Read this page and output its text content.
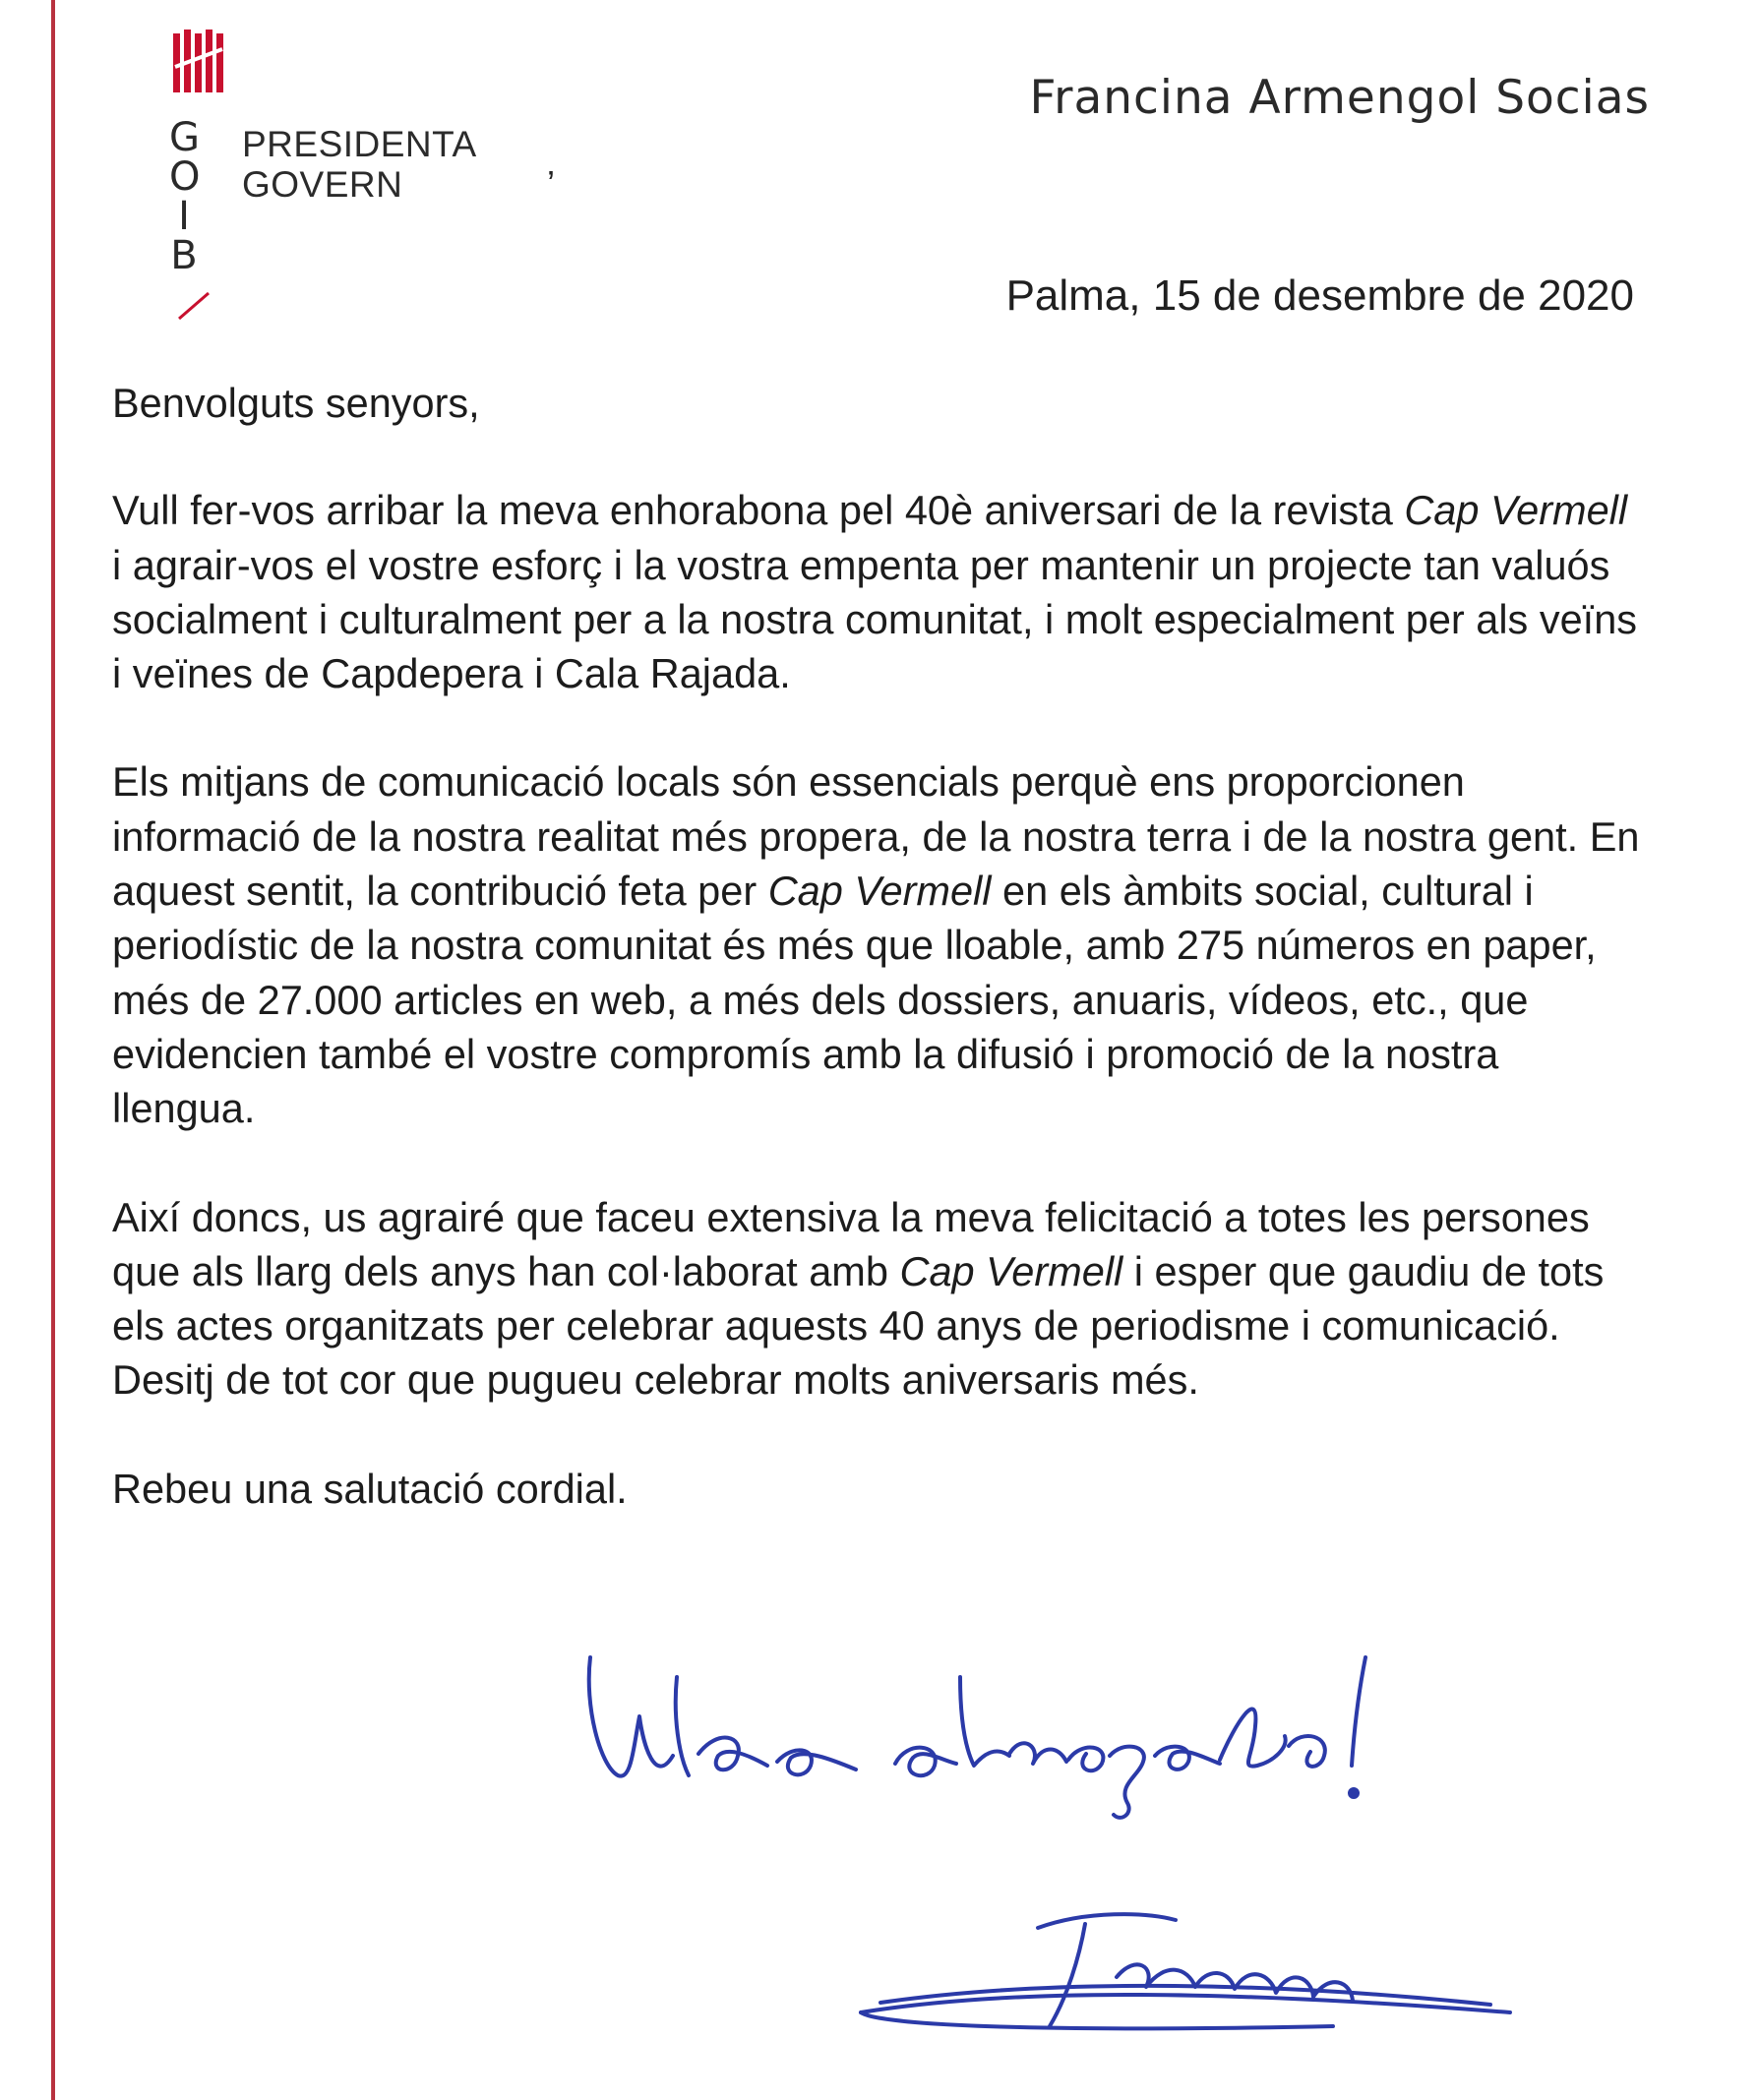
G
O
I
B
PRESIDENTA
GOVERN	’
Francina Armengol Socias
Palma, 15 de desembre de 2020

Benvolguts senyors,

Vull fer-vos arribar la meva enhorabona pel 40è aniversari de la revista Cap Vermell i agrair-vos el vostre esforç i la vostra empenta per mantenir un projecte tan valuós socialment i culturalment per a la nostra comunitat, i molt especialment per als veïns i veïnes de Capdepera i Cala Rajada.

Els mitjans de comunicació locals són essencials perquè ens proporcionen informació de la nostra realitat més propera, de la nostra terra i de la nostra gent. En aquest sentit, la contribució feta per Cap Vermell en els àmbits social, cultural i periodístic de la nostra comunitat és més que lloable, amb 275 números en paper, més de 27.000 articles en web, a més dels dossiers, anuaris, vídeos, etc., que evidencien també el vostre compromís amb la difusió i promoció de la nostra llengua.

Així doncs, us agrairé que faceu extensiva la meva felicitació a totes les persones que als llarg dels anys han col·laborat amb Cap Vermell i esper que gaudiu de tots els actes organitzats per celebrar aquests 40 anys de periodisme i comunicació. Desitj de tot cor que pugueu celebrar molts aniversaris més.

Rebeu una salutació cordial.
